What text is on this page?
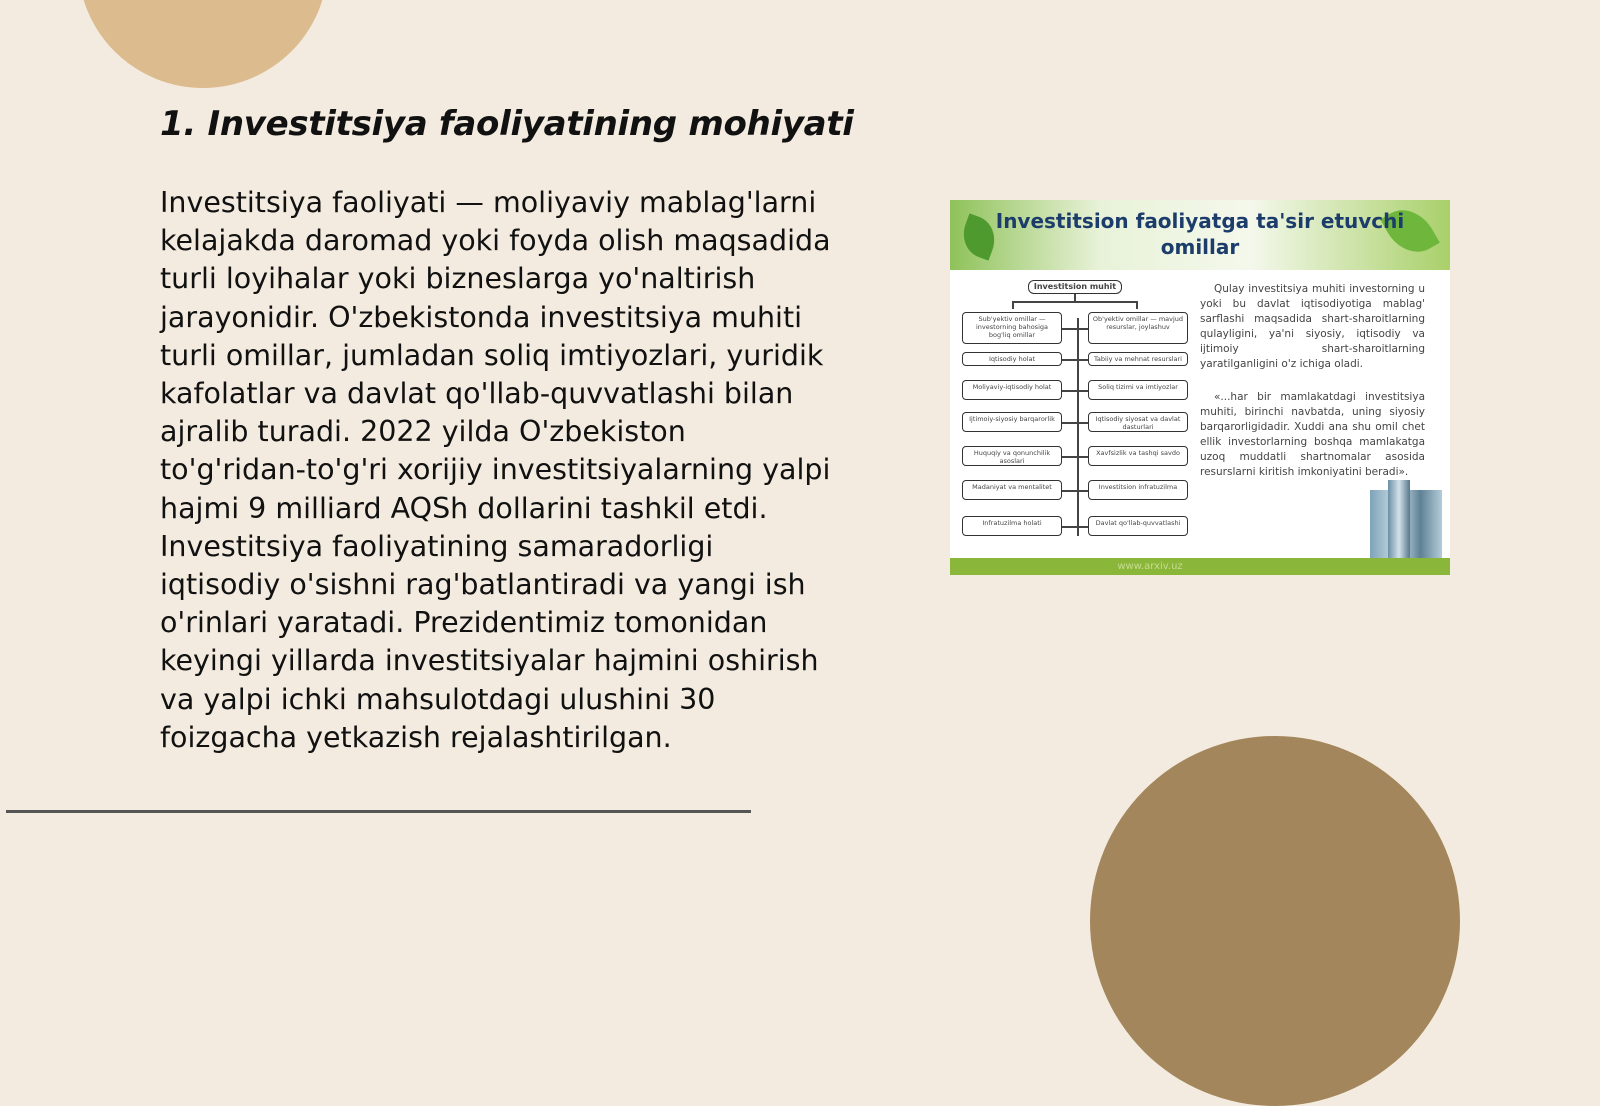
1. Investitsiya faoliyatining mohiyati

Investitsiya faoliyati — moliyaviy mablag'larni kelajakda daromad yoki foyda olish maqsadida turli loyihalar yoki bizneslarga yo'naltirish jarayonidir. O'zbekistonda investitsiya muhiti turli omillar, jumladan soliq imtiyozlari, yuridik kafolatlar va davlat qo'llab-quvvatlashi bilan ajralib turadi. 2022 yilda O'zbekiston to'g'ridan-to'g'ri xorijiy investitsiyalarning yalpi hajmi 9 milliard AQSh dollarini tashkil etdi. Investitsiya faoliyatining samaradorligi iqtisodiy o'sishni rag'batlantiradi va yangi ish o'rinlari yaratadi. Prezidentimiz tomonidan keyingi yillarda investitsiyalar hajmini oshirish va yalpi ichki mahsulotdagi ulushini 30 foizgacha yetkazish rejalashtirilgan.

Investitsion faoliyatga ta'sir etuvchi omillar
Investitsion muhit	Qulay investitsiya muhiti investorning u yoki bu davlat iqtisodiyotiga mablag' sarflashi maqsadida shart-sharoitlarning qulayligini, ya'ni siyosiy, iqtisodiy va ijtimoiy shart-sharoitlarning yaratilganligini o'z ichiga oladi.

«...har bir mamlakatdagi investitsiya muhiti, birinchi navbatda, uning siyosiy barqarorligidadir. Xuddi ana shu omil chet ellik investorlarning boshqa mamlakatga uzoq muddatli shartnomalar asosida resurslarni kiritish imkoniyatini beradi».

www.arxiv.uz
Sub'yektiv omillar — investorning bahosiga bog'liq omillar
Iqtisodiy holat
Moliyaviy-iqtisodiy holat
Ijtimoiy-siyosiy barqarorlik
Huquqiy va qonunchilik asoslari
Madaniyat va mentalitet
Infratuzilma holati
Ob'yektiv omillar — mavjud resurslar, joylashuv
Tabiiy va mehnat resurslari
Soliq tizimi va imtiyozlar
Iqtisodiy siyosat va davlat dasturlari
Xavfsizlik va tashqi savdo
Investitsion infratuzilma
Davlat qo'llab-quvvatlashi
